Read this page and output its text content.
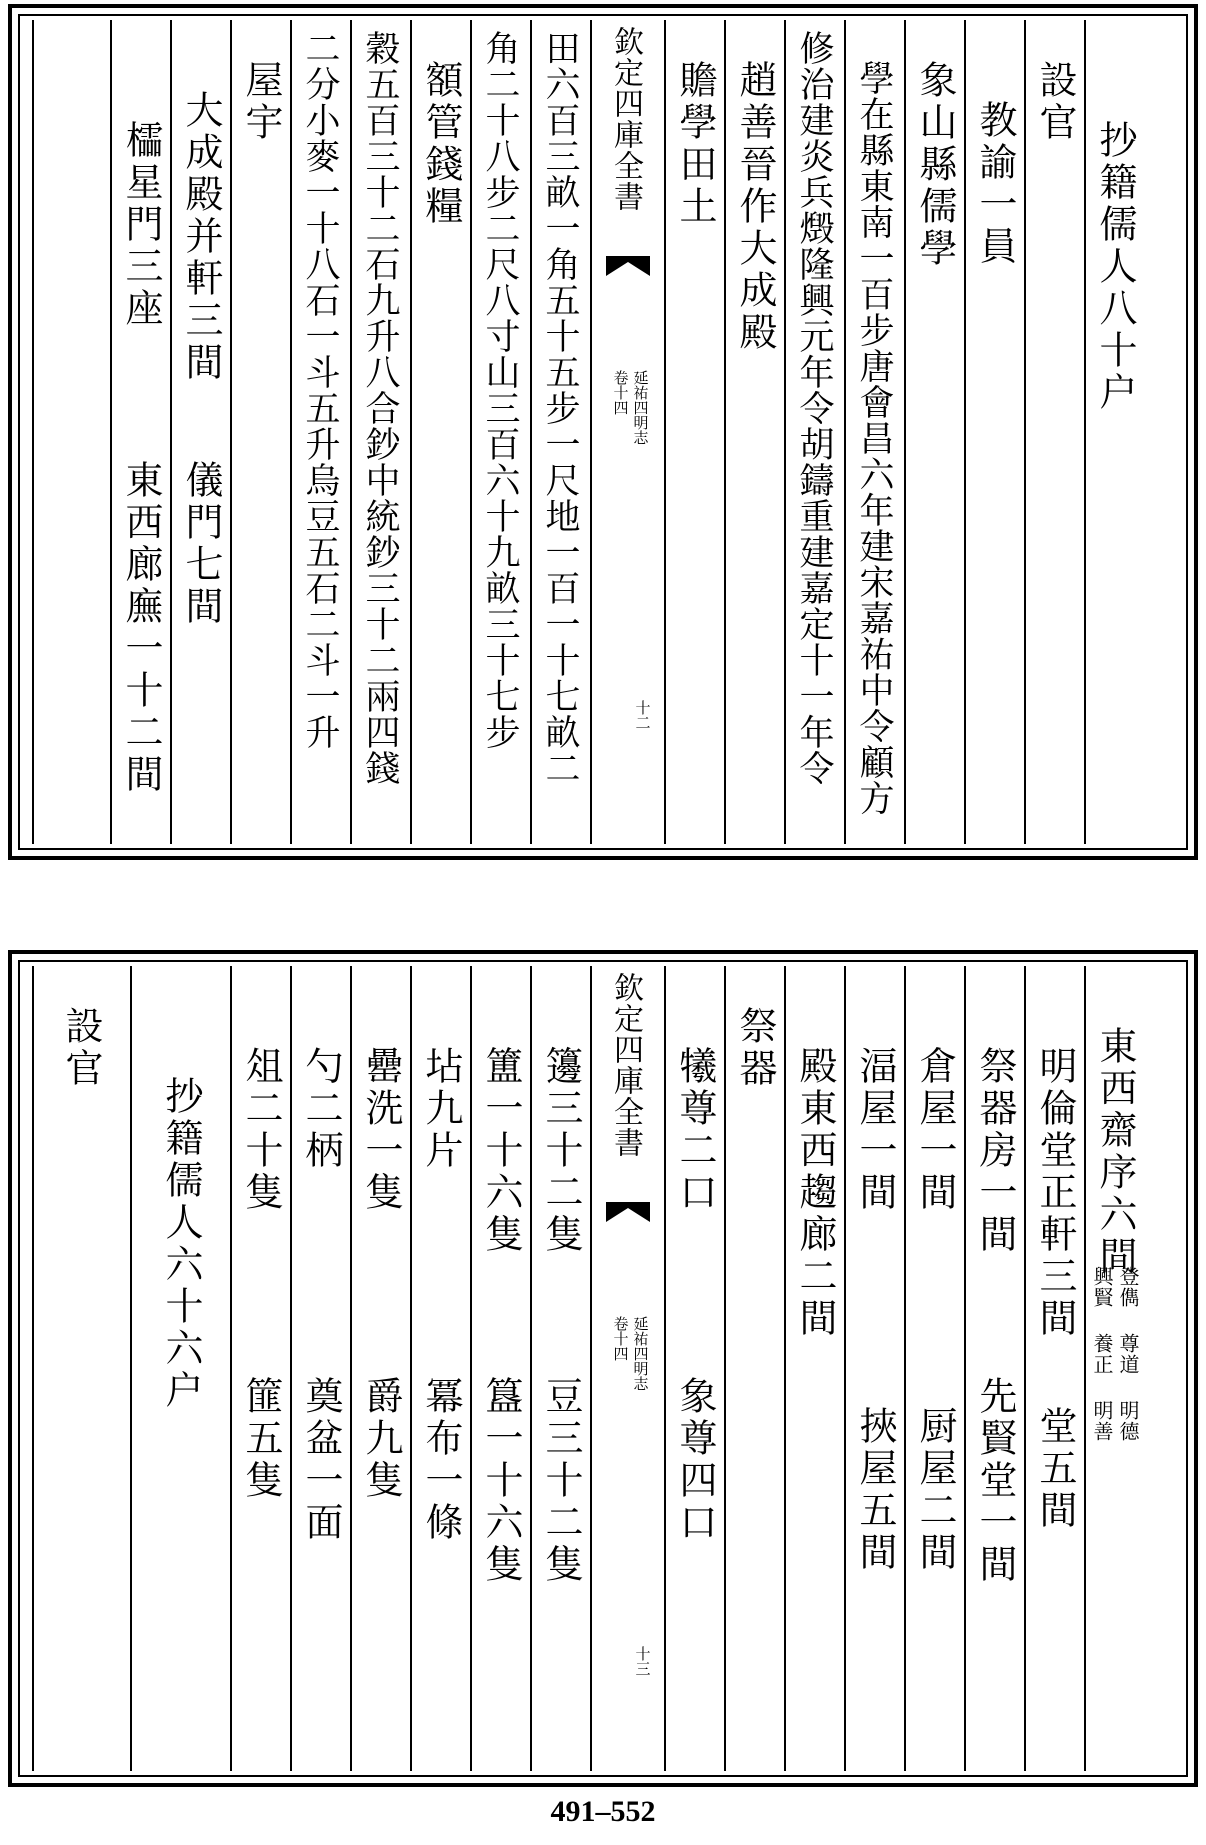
抄籍儒人八十户
設官
教諭一員
象山縣儒學
學在縣東南一百步唐會昌六年建宋嘉祐中令顧方
修治建炎兵燬隆興元年令胡鑄重建嘉定十一年令
趙善晉作大成殿
贍學田土
欽定四庫全書
延祐四明志
卷十四
十二
田六百三畝一角五十五步一尺地一百一十七畝二
角二十八步二尺八寸山三百六十九畝三十七步
額管錢糧
穀五百三十二石九升八合鈔中統鈔三十二兩四錢
二分小麥一十八石一斗五升烏豆五石二斗一升
屋宇
大成殿并軒三間
儀門七間
櫺星門三座
東西廊廡一十二間
東西齋序六間
登儁 尊道 明德
興賢 養正 明善
明倫堂正軒三間
堂五間
祭器房一間
先賢堂一間
倉屋一間
厨屋二間
湢屋一間
挾屋五間
殿東西趨廊二間
祭器
犧尊二口
象尊四口
欽定四庫全書
延祐四明志
卷十四
十三
籩三十二隻
豆三十二隻
簠一十六隻
簋一十六隻
坫九片
冪布一條
罍洗一隻
爵九隻
勺二柄
奠盆一面
俎二十隻
篚五隻
抄籍儒人六十六户
設官
491–552
